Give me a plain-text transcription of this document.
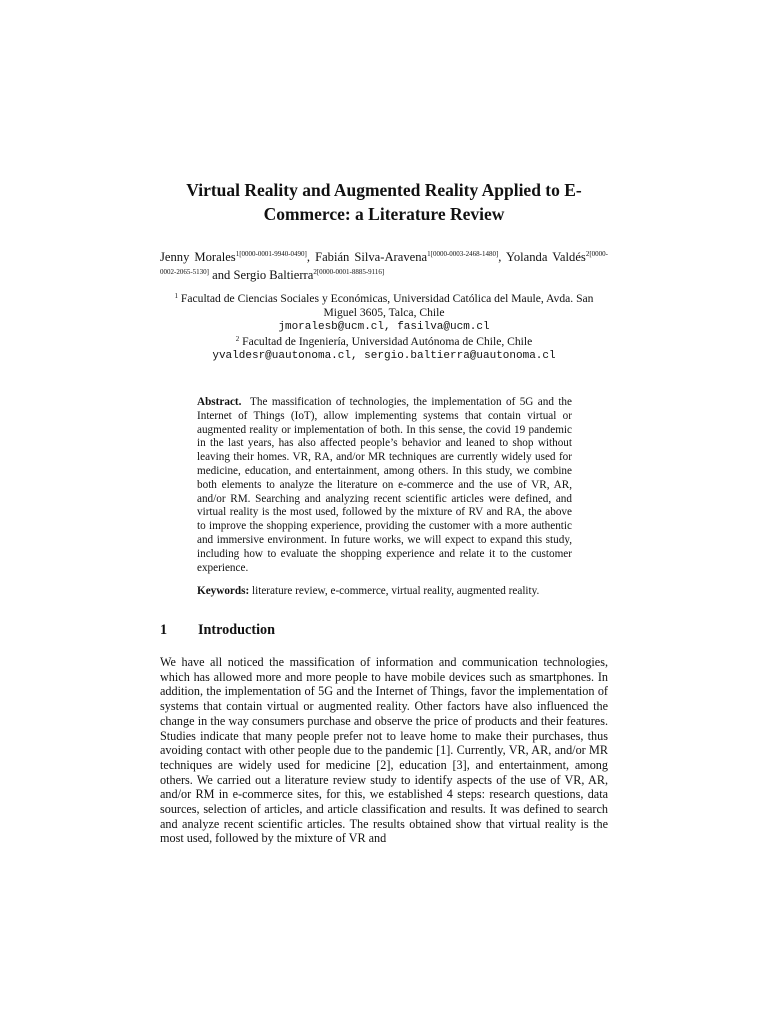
Virtual Reality and Augmented Reality Applied to E-Commerce: a Literature Review
Jenny Morales$^{1[0000-0001-9940-0490]}$, Fabián Silva-Aravena$^{1[0000-0003-2468-1480]}$, Yolanda Valdés$^{2[0000-0002-2065-5130]}$ and Sergio Baltierra$^{2[0000-0001-8885-9116]}$
$^1$ Facultad de Ciencias Sociales y Económicas, Universidad Católica del Maule, Avda. San Miguel 3605, Talca, Chile
jmoralesb@ucm.cl, fasilva@ucm.cl
$^2$ Facultad de Ingeniería, Universidad Autónoma de Chile, Chile
yvaldesr@uautonoma.cl, sergio.baltierra@uautonoma.cl
Abstract. The massification of technologies, the implementation of 5G and the Internet of Things (IoT), allow implementing systems that contain virtual or augmented reality or implementation of both. In this sense, the covid 19 pandemic in the last years, has also affected people’s behavior and leaned to shop without leaving their homes. VR, RA, and/or MR techniques are currently widely used for medicine, education, and entertainment, among others. In this study, we combine both elements to analyze the literature on e-commerce and the use of VR, AR, and/or RM. Searching and analyzing recent scientific articles were defined, and virtual reality is the most used, followed by the mixture of RV and RA, the above to improve the shopping experience, providing the customer with a more authentic and immersive environment. In future works, we will expect to expand this study, including how to evaluate the shopping experience and relate it to the customer experience.
Keywords: literature review, e-commerce, virtual reality, augmented reality.
1 Introduction
We have all noticed the massification of information and communication technologies, which has allowed more and more people to have mobile devices such as smartphones. In addition, the implementation of 5G and the Internet of Things, favor the implementation of systems that contain virtual or augmented reality. Other factors have also influenced the change in the way consumers purchase and observe the price of products and their features. Studies indicate that many people prefer not to leave home to make their purchases, thus avoiding contact with other people due to the pandemic [1]. Currently, VR, AR, and/or MR techniques are widely used for medicine [2], education [3], and entertainment, among others. We carried out a literature review study to identify aspects of the use of VR, AR, and/or RM in e-commerce sites, for this, we established 4 steps: research questions, data sources, selection of articles, and article classification and results. It was defined to search and analyze recent scientific articles. The results obtained show that virtual reality is the most used, followed by the mixture of VR and
